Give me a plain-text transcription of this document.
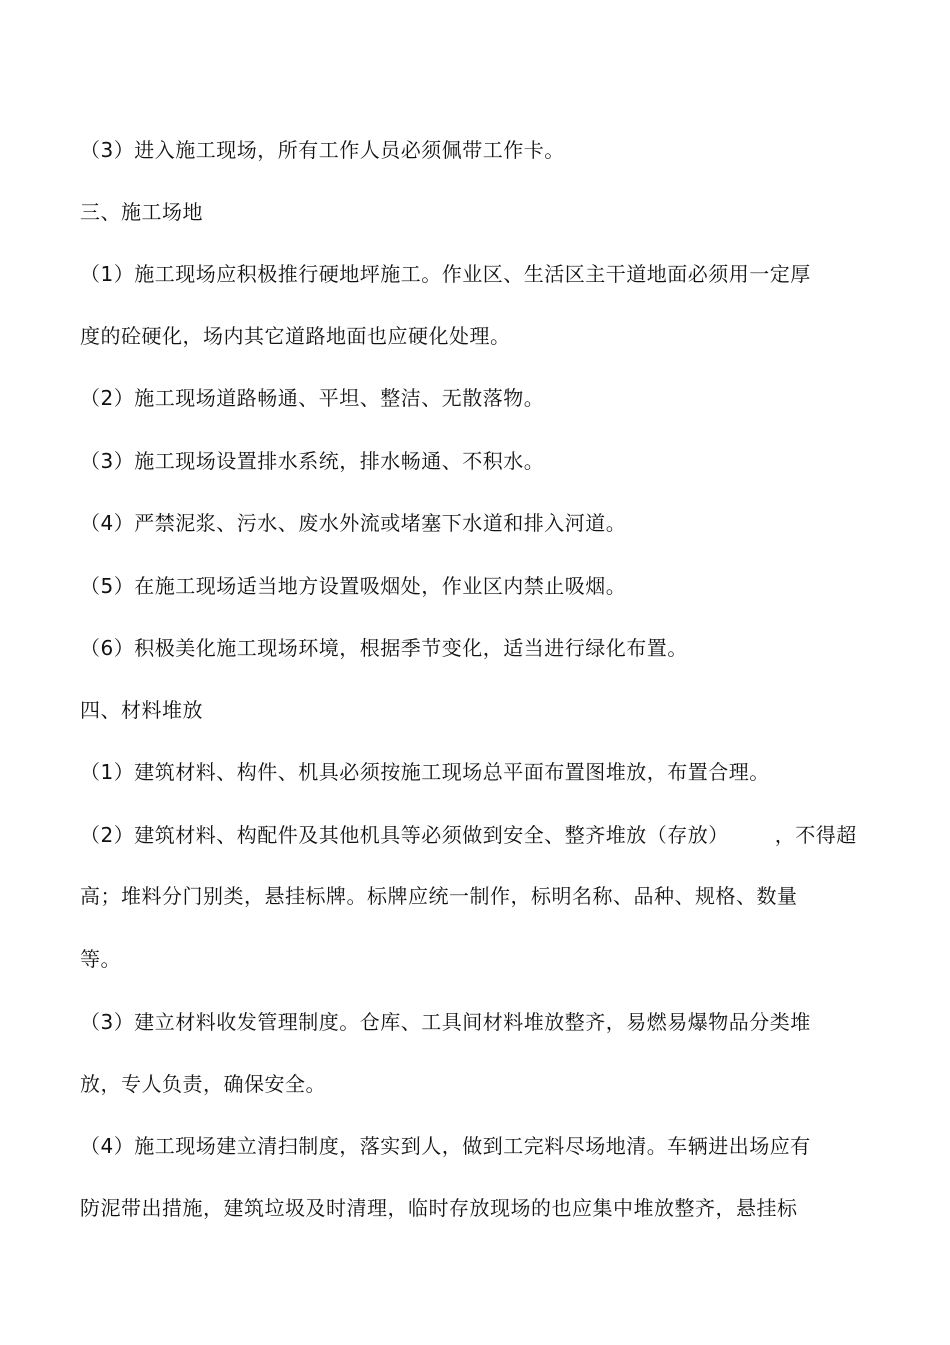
（3）进入施工现场，所有工作人员必须佩带工作卡。
三、施工场地
（1）施工现场应积极推行硬地坪施工。作业区、生活区主干道地面必须用一定厚
度的砼硬化，场内其它道路地面也应硬化处理。
（2）施工现场道路畅通、平坦、整洁、无散落物。
（3）施工现场设置排水系统，排水畅通、不积水。
（4）严禁泥浆、污水、废水外流或堵塞下水道和排入河道。
（5）在施工现场适当地方设置吸烟处，作业区内禁止吸烟。
（6）积极美化施工现场环境，根据季节变化，适当进行绿化布置。
四、材料堆放
（1）建筑材料、构件、机具必须按施工现场总平面布置图堆放，布置合理。
（2）建筑材料、构配件及其他机具等必须做到安全、整齐堆放（存放） ，不得超
高；堆料分门别类，悬挂标牌。标牌应统一制作，标明名称、品种、规格、数量
等。
（3）建立材料收发管理制度。仓库、工具间材料堆放整齐，易燃易爆物品分类堆
放，专人负责，确保安全。
（4）施工现场建立清扫制度，落实到人，做到工完料尽场地清。车辆进出场应有
防泥带出措施，建筑垃圾及时清理，临时存放现场的也应集中堆放整齐，悬挂标
